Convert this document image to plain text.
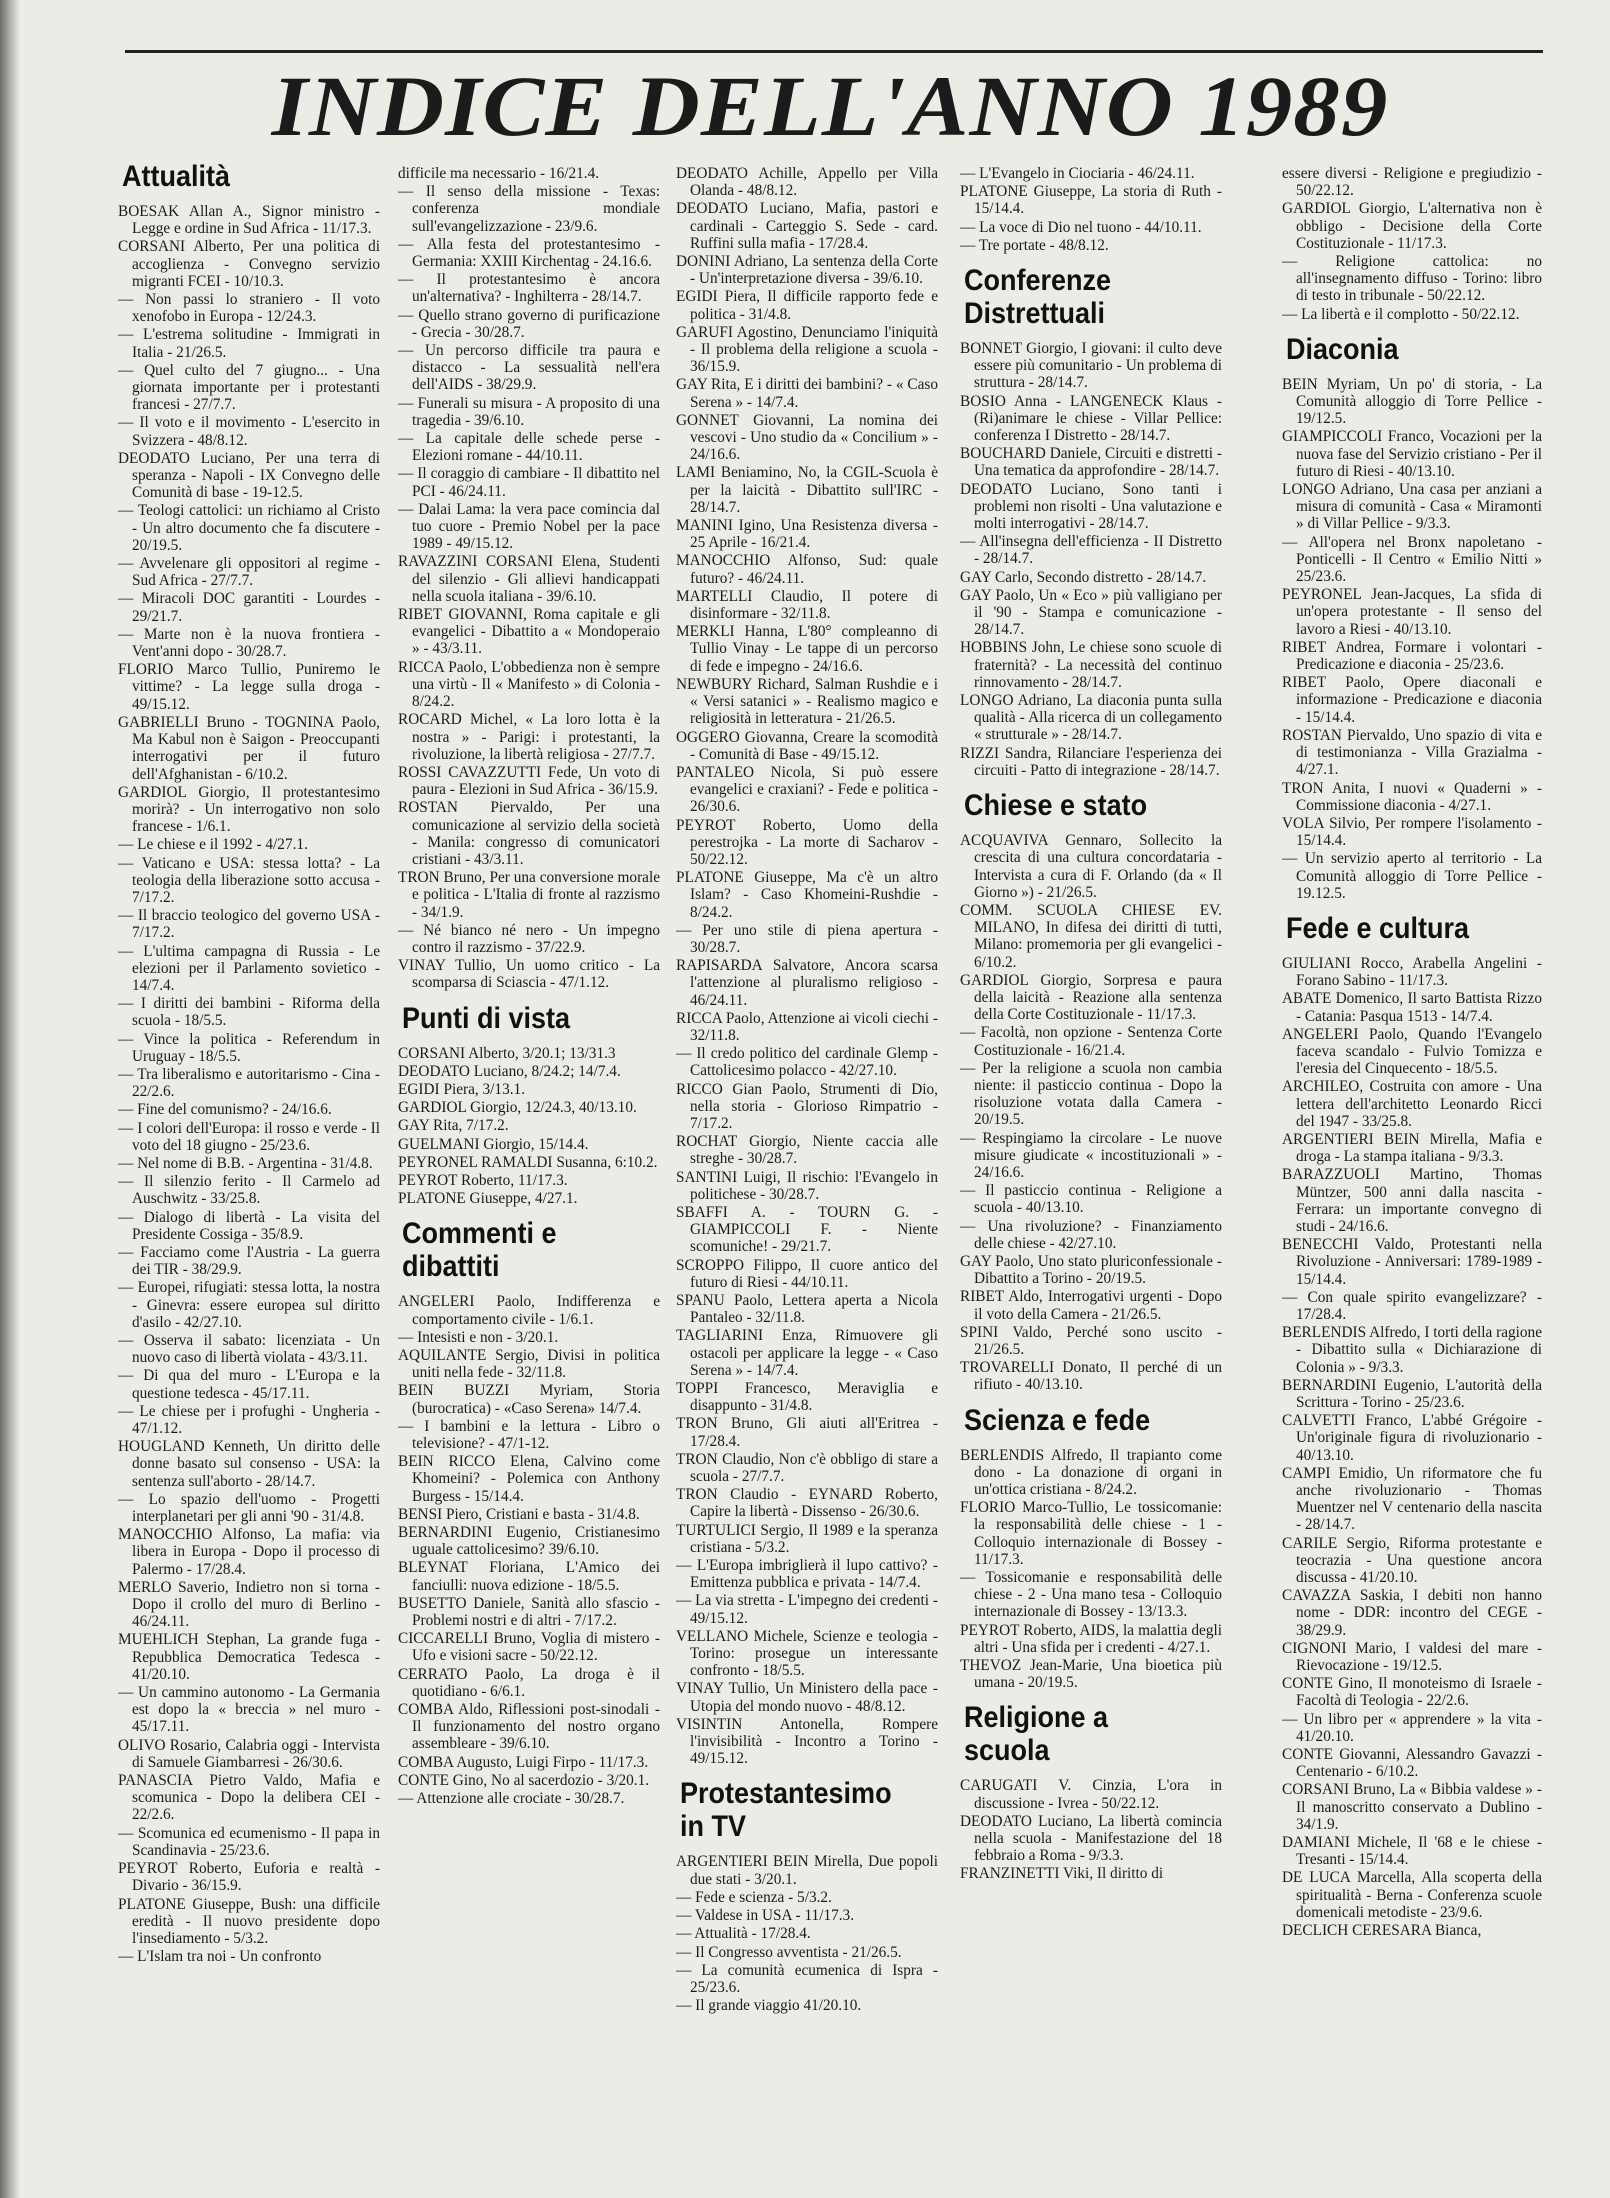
INDICE DELL'ANNO 1989

Attualità

BOESAK Allan A., Signor ministro - Legge e ordine in Sud Africa - 11/17.3.

CORSANI Alberto, Per una politica di accoglienza - Convegno servizio migranti FCEI - 10/10.3.

— Non passi lo straniero - Il voto xenofobo in Europa - 12/24.3.

— L'estrema solitudine - Immigrati in Italia - 21/26.5.

— Quel culto del 7 giugno... - Una giornata importante per i protestanti francesi - 27/7.7.

— Il voto e il movimento - L'esercito in Svizzera - 48/8.12.

DEODATO Luciano, Per una terra di speranza - Napoli - IX Convegno delle Comunità di base - 19-12.5.

— Teologi cattolici: un richiamo al Cristo - Un altro documento che fa discutere - 20/19.5.

— Avvelenare gli oppositori al regime - Sud Africa - 27/7.7.

— Miracoli DOC garantiti - Lourdes - 29/21.7.

— Marte non è la nuova frontiera - Vent'anni dopo - 30/28.7.

FLORIO Marco Tullio, Puniremo le vittime? - La legge sulla droga - 49/15.12.

GABRIELLI Bruno - TOGNINA Paolo, Ma Kabul non è Saigon - Preoccupanti interrogativi per il futuro dell'Afghanistan - 6/10.2.

GARDIOL Giorgio, Il protestantesimo morirà? - Un interrogativo non solo francese - 1/6.1.

— Le chiese e il 1992 - 4/27.1.

— Vaticano e USA: stessa lotta? - La teologia della liberazione sotto accusa - 7/17.2.

— Il braccio teologico del governo USA - 7/17.2.

— L'ultima campagna di Russia - Le elezioni per il Parlamento sovietico - 14/7.4.

— I diritti dei bambini - Riforma della scuola - 18/5.5.

— Vince la politica - Referendum in Uruguay - 18/5.5.

— Tra liberalismo e autoritarismo - Cina - 22/2.6.

— Fine del comunismo? - 24/16.6.

— I colori dell'Europa: il rosso e verde - Il voto del 18 giugno - 25/23.6.

— Nel nome di B.B. - Argentina - 31/4.8.

— Il silenzio ferito - Il Carmelo ad Auschwitz - 33/25.8.

— Dialogo di libertà - La visita del Presidente Cossiga - 35/8.9.

— Facciamo come l'Austria - La guerra dei TIR - 38/29.9.

— Europei, rifugiati: stessa lotta, la nostra - Ginevra: essere europea sul diritto d'asilo - 42/27.10.

— Osserva il sabato: licenziata - Un nuovo caso di libertà violata - 43/3.11.

— Di qua del muro - L'Europa e la questione tedesca - 45/17.11.

— Le chiese per i profughi - Ungheria - 47/1.12.

HOUGLAND Kenneth, Un diritto delle donne basato sul consenso - USA: la sentenza sull'aborto - 28/14.7.

— Lo spazio dell'uomo - Progetti interplanetari per gli anni '90 - 31/4.8.

MANOCCHIO Alfonso, La mafia: via libera in Europa - Dopo il processo di Palermo - 17/28.4.

MERLO Saverio, Indietro non si torna - Dopo il crollo del muro di Berlino - 46/24.11.

MUEHLICH Stephan, La grande fuga - Repubblica Democratica Tedesca - 41/20.10.

— Un cammino autonomo - La Germania est dopo la « breccia » nel muro - 45/17.11.

OLIVO Rosario, Calabria oggi - Intervista di Samuele Giambarresi - 26/30.6.

PANASCIA Pietro Valdo, Mafia e scomunica - Dopo la delibera CEI - 22/2.6.

— Scomunica ed ecumenismo - Il papa in Scandinavia - 25/23.6.

PEYROT Roberto, Euforia e realtà - Divario - 36/15.9.

PLATONE Giuseppe, Bush: una difficile eredità - Il nuovo presidente dopo l'insediamento - 5/3.2.

— L'Islam tra noi - Un confronto

difficile ma necessario - 16/21.4.

— Il senso della missione - Texas: conferenza mondiale sull'evangelizzazione - 23/9.6.

— Alla festa del protestantesimo - Germania: XXIII Kirchentag - 24.16.6.

— Il protestantesimo è ancora un'alternativa? - Inghilterra - 28/14.7.

— Quello strano governo di purificazione - Grecia - 30/28.7.

— Un percorso difficile tra paura e distacco - La sessualità nell'era dell'AIDS - 38/29.9.

— Funerali su misura - A proposito di una tragedia - 39/6.10.

— La capitale delle schede perse - Elezioni romane - 44/10.11.

— Il coraggio di cambiare - Il dibattito nel PCI - 46/24.11.

— Dalai Lama: la vera pace comincia dal tuo cuore - Premio Nobel per la pace 1989 - 49/15.12.

RAVAZZINI CORSANI Elena, Studenti del silenzio - Gli allievi handicappati nella scuola italiana - 39/6.10.

RIBET GIOVANNI, Roma capitale e gli evangelici - Dibattito a « Mondoperaio » - 43/3.11.

RICCA Paolo, L'obbedienza non è sempre una virtù - Il « Manifesto » di Colonia - 8/24.2.

ROCARD Michel, « La loro lotta è la nostra » - Parigi: i protestanti, la rivoluzione, la libertà religiosa - 27/7.7.

ROSSI CAVAZZUTTI Fede, Un voto di paura - Elezioni in Sud Africa - 36/15.9.

ROSTAN Piervaldo, Per una comunicazione al servizio della società - Manila: congresso di comunicatori cristiani - 43/3.11.

TRON Bruno, Per una conversione morale e politica - L'Italia di fronte al razzismo - 34/1.9.

— Né bianco né nero - Un impegno contro il razzismo - 37/22.9.

VINAY Tullio, Un uomo critico - La scomparsa di Sciascia - 47/1.12.

Punti di vista

CORSANI Alberto, 3/20.1; 13/31.3

DEODATO Luciano, 8/24.2; 14/7.4.

EGIDI Piera, 3/13.1.

GARDIOL Giorgio, 12/24.3, 40/13.10.

GAY Rita, 7/17.2.

GUELMANI Giorgio, 15/14.4.

PEYRONEL RAMALDI Susanna, 6:10.2.

PEYROT Roberto, 11/17.3.

PLATONE Giuseppe, 4/27.1.

Commenti e dibattiti

ANGELERI Paolo, Indifferenza e comportamento civile - 1/6.1.

— Intesisti e non - 3/20.1.

AQUILANTE Sergio, Divisi in politica uniti nella fede - 32/11.8.

BEIN BUZZI Myriam, Storia (burocratica) - «Caso Serena» 14/7.4.

— I bambini e la lettura - Libro o televisione? - 47/1-12.

BEIN RICCO Elena, Calvino come Khomeini? - Polemica con Anthony Burgess - 15/14.4.

BENSI Piero, Cristiani e basta - 31/4.8.

BERNARDINI Eugenio, Cristianesimo uguale cattolicesimo? 39/6.10.

BLEYNAT Floriana, L'Amico dei fanciulli: nuova edizione - 18/5.5.

BUSETTO Daniele, Sanità allo sfascio - Problemi nostri e di altri - 7/17.2.

CICCARELLI Bruno, Voglia di mistero - Ufo e visioni sacre - 50/22.12.

CERRATO Paolo, La droga è il quotidiano - 6/6.1.

COMBA Aldo, Riflessioni post-sinodali - Il funzionamento del nostro organo assembleare - 39/6.10.

COMBA Augusto, Luigi Firpo - 11/17.3.

CONTE Gino, No al sacerdozio - 3/20.1.

— Attenzione alle crociate - 30/28.7.

DEODATO Achille, Appello per Villa Olanda - 48/8.12.

DEODATO Luciano, Mafia, pastori e cardinali - Carteggio S. Sede - card. Ruffini sulla mafia - 17/28.4.

DONINI Adriano, La sentenza della Corte - Un'interpretazione diversa - 39/6.10.

EGIDI Piera, Il difficile rapporto fede e politica - 31/4.8.

GARUFI Agostino, Denunciamo l'iniquità - Il problema della religione a scuola - 36/15.9.

GAY Rita, E i diritti dei bambini? - « Caso Serena » - 14/7.4.

GONNET Giovanni, La nomina dei vescovi - Uno studio da « Concilium » - 24/16.6.

LAMI Beniamino, No, la CGIL-Scuola è per la laicità - Dibattito sull'IRC - 28/14.7.

MANINI Igino, Una Resistenza diversa - 25 Aprile - 16/21.4.

MANOCCHIO Alfonso, Sud: quale futuro? - 46/24.11.

MARTELLI Claudio, Il potere di disinformare - 32/11.8.

MERKLI Hanna, L'80° compleanno di Tullio Vinay - Le tappe di un percorso di fede e impegno - 24/16.6.

NEWBURY Richard, Salman Rushdie e i « Versi satanici » - Realismo magico e religiosità in letteratura - 21/26.5.

OGGERO Giovanna, Creare la scomodità - Comunità di Base - 49/15.12.

PANTALEO Nicola, Si può essere evangelici e craxiani? - Fede e politica - 26/30.6.

PEYROT Roberto, Uomo della perestrojka - La morte di Sacharov - 50/22.12.

PLATONE Giuseppe, Ma c'è un altro Islam? - Caso Khomeini-Rushdie - 8/24.2.

— Per uno stile di piena apertura - 30/28.7.

RAPISARDA Salvatore, Ancora scarsa l'attenzione al pluralismo religioso - 46/24.11.

RICCA Paolo, Attenzione ai vicoli ciechi - 32/11.8.

— Il credo politico del cardinale Glemp - Cattolicesimo polacco - 42/27.10.

RICCO Gian Paolo, Strumenti di Dio, nella storia - Glorioso Rimpatrio - 7/17.2.

ROCHAT Giorgio, Niente caccia alle streghe - 30/28.7.

SANTINI Luigi, Il rischio: l'Evangelo in politichese - 30/28.7.

SBAFFI A. - TOURN G. - GIAMPICCOLI F. - Niente scomuniche! - 29/21.7.

SCROPPO Filippo, Il cuore antico del futuro di Riesi - 44/10.11.

SPANU Paolo, Lettera aperta a Nicola Pantaleo - 32/11.8.

TAGLIARINI Enza, Rimuovere gli ostacoli per applicare la legge - « Caso Serena » - 14/7.4.

TOPPI Francesco, Meraviglia e disappunto - 31/4.8.

TRON Bruno, Gli aiuti all'Eritrea - 17/28.4.

TRON Claudio, Non c'è obbligo di stare a scuola - 27/7.7.

TRON Claudio - EYNARD Roberto, Capire la libertà - Dissenso - 26/30.6.

TURTULICI Sergio, Il 1989 e la speranza cristiana - 5/3.2.

— L'Europa imbriglierà il lupo cattivo? - Emittenza pubblica e privata - 14/7.4.

— La via stretta - L'impegno dei credenti - 49/15.12.

VELLANO Michele, Scienze e teologia - Torino: prosegue un interessante confronto - 18/5.5.

VINAY Tullio, Un Ministero della pace - Utopia del mondo nuovo - 48/8.12.

VISINTIN Antonella, Rompere l'invisibilità - Incontro a Torino - 49/15.12.

Protestantesimo in TV

ARGENTIERI BEIN Mirella, Due popoli due stati - 3/20.1.

— Fede e scienza - 5/3.2.

— Valdese in USA - 11/17.3.

— Attualità - 17/28.4.

— Il Congresso avventista - 21/26.5.

— La comunità ecumenica di Ispra - 25/23.6.

— Il grande viaggio 41/20.10.

— L'Evangelo in Ciociaria - 46/24.11.

PLATONE Giuseppe, La storia di Ruth - 15/14.4.

— La voce di Dio nel tuono - 44/10.11.

— Tre portate - 48/8.12.

Conferenze Distrettuali

BONNET Giorgio, I giovani: il culto deve essere più comunitario - Un problema di struttura - 28/14.7.

BOSIO Anna - LANGENECK Klaus - (Ri)animare le chiese - Villar Pellice: conferenza I Distretto - 28/14.7.

BOUCHARD Daniele, Circuiti e distretti - Una tematica da approfondire - 28/14.7.

DEODATO Luciano, Sono tanti i problemi non risolti - Una valutazione e molti interrogativi - 28/14.7.

— All'insegna dell'efficienza - II Distretto - 28/14.7.

GAY Carlo, Secondo distretto - 28/14.7.

GAY Paolo, Un « Eco » più valligiano per il '90 - Stampa e comunicazione - 28/14.7.

HOBBINS John, Le chiese sono scuole di fraternità? - La necessità del continuo rinnovamento - 28/14.7.

LONGO Adriano, La diaconia punta sulla qualità - Alla ricerca di un collegamento « strutturale » - 28/14.7.

RIZZI Sandra, Rilanciare l'esperienza dei circuiti - Patto di integrazione - 28/14.7.

Chiese e stato

ACQUAVIVA Gennaro, Sollecito la crescita di una cultura concordataria - Intervista a cura di F. Orlando (da « Il Giorno ») - 21/26.5.

COMM. SCUOLA CHIESE EV. MILANO, In difesa dei diritti di tutti, Milano: promemoria per gli evangelici - 6/10.2.

GARDIOL Giorgio, Sorpresa e paura della laicità - Reazione alla sentenza della Corte Costituzionale - 11/17.3.

— Facoltà, non opzione - Sentenza Corte Costituzionale - 16/21.4.

— Per la religione a scuola non cambia niente: il pasticcio continua - Dopo la risoluzione votata dalla Camera - 20/19.5.

— Respingiamo la circolare - Le nuove misure giudicate « incostituzionali » - 24/16.6.

— Il pasticcio continua - Religione a scuola - 40/13.10.

— Una rivoluzione? - Finanziamento delle chiese - 42/27.10.

GAY Paolo, Uno stato pluriconfessionale - Dibattito a Torino - 20/19.5.

RIBET Aldo, Interrogativi urgenti - Dopo il voto della Camera - 21/26.5.

SPINI Valdo, Perché sono uscito - 21/26.5.

TROVARELLI Donato, Il perché di un rifiuto - 40/13.10.

Scienza e fede

BERLENDIS Alfredo, Il trapianto come dono - La donazione di organi in un'ottica cristiana - 8/24.2.

FLORIO Marco-Tullio, Le tossicomanie: la responsabilità delle chiese - 1 - Colloquio internazionale di Bossey - 11/17.3.

— Tossicomanie e responsabilità delle chiese - 2 - Una mano tesa - Colloquio internazionale di Bossey - 13/13.3.

PEYROT Roberto, AIDS, la malattia degli altri - Una sfida per i credenti - 4/27.1.

THEVOZ Jean-Marie, Una bioetica più umana - 20/19.5.

Religione a scuola

CARUGATI V. Cinzia, L'ora in discussione - Ivrea - 50/22.12.

DEODATO Luciano, La libertà comincia nella scuola - Manifestazione del 18 febbraio a Roma - 9/3.3.

FRANZINETTI Viki, Il diritto di

essere diversi - Religione e pregiudizio - 50/22.12.

GARDIOL Giorgio, L'alternativa non è obbligo - Decisione della Corte Costituzionale - 11/17.3.

— Religione cattolica: no all'insegnamento diffuso - Torino: libro di testo in tribunale - 50/22.12.

— La libertà e il complotto - 50/22.12.

Diaconia

BEIN Myriam, Un po' di storia, - La Comunità alloggio di Torre Pellice - 19/12.5.

GIAMPICCOLI Franco, Vocazioni per la nuova fase del Servizio cristiano - Per il futuro di Riesi - 40/13.10.

LONGO Adriano, Una casa per anziani a misura di comunità - Casa « Miramonti » di Villar Pellice - 9/3.3.

— All'opera nel Bronx napoletano - Ponticelli - Il Centro « Emilio Nitti » 25/23.6.

PEYRONEL Jean-Jacques, La sfida di un'opera protestante - Il senso del lavoro a Riesi - 40/13.10.

RIBET Andrea, Formare i volontari - Predicazione e diaconia - 25/23.6.

RIBET Paolo, Opere diaconali e informazione - Predicazione e diaconia - 15/14.4.

ROSTAN Piervaldo, Uno spazio di vita e di testimonianza - Villa Grazialma - 4/27.1.

TRON Anita, I nuovi « Quaderni » - Commissione diaconia - 4/27.1.

VOLA Silvio, Per rompere l'isolamento - 15/14.4.

— Un servizio aperto al territorio - La Comunità alloggio di Torre Pellice - 19.12.5.

Fede e cultura

GIULIANI Rocco, Arabella Angelini - Forano Sabino - 11/17.3.

ABATE Domenico, Il sarto Battista Rizzo - Catania: Pasqua 1513 - 14/7.4.

ANGELERI Paolo, Quando l'Evangelo faceva scandalo - Fulvio Tomizza e l'eresia del Cinquecento - 18/5.5.

ARCHILEO, Costruita con amore - Una lettera dell'architetto Leonardo Ricci del 1947 - 33/25.8.

ARGENTIERI BEIN Mirella, Mafia e droga - La stampa italiana - 9/3.3.

BARAZZUOLI Martino, Thomas Müntzer, 500 anni dalla nascita - Ferrara: un importante convegno di studi - 24/16.6.

BENECCHI Valdo, Protestanti nella Rivoluzione - Anniversari: 1789-1989 - 15/14.4.

— Con quale spirito evangelizzare? - 17/28.4.

BERLENDIS Alfredo, I torti della ragione - Dibattito sulla « Dichiarazione di Colonia » - 9/3.3.

BERNARDINI Eugenio, L'autorità della Scrittura - Torino - 25/23.6.

CALVETTI Franco, L'abbé Grégoire - Un'originale figura di rivoluzionario - 40/13.10.

CAMPI Emidio, Un riformatore che fu anche rivoluzionario - Thomas Muentzer nel V centenario della nascita - 28/14.7.

CARILE Sergio, Riforma protestante e teocrazia - Una questione ancora discussa - 41/20.10.

CAVAZZA Saskia, I debiti non hanno nome - DDR: incontro del CEGE - 38/29.9.

CIGNONI Mario, I valdesi del mare - Rievocazione - 19/12.5.

CONTE Gino, Il monoteismo di Israele - Facoltà di Teologia - 22/2.6.

— Un libro per « apprendere » la vita - 41/20.10.

CONTE Giovanni, Alessandro Gavazzi - Centenario - 6/10.2.

CORSANI Bruno, La « Bibbia valdese » - Il manoscritto conservato a Dublino - 34/1.9.

DAMIANI Michele, Il '68 e le chiese - Tresanti - 15/14.4.

DE LUCA Marcella, Alla scoperta della spiritualità - Berna - Conferenza scuole domenicali metodiste - 23/9.6.

DECLICH CERESARA Bianca,
